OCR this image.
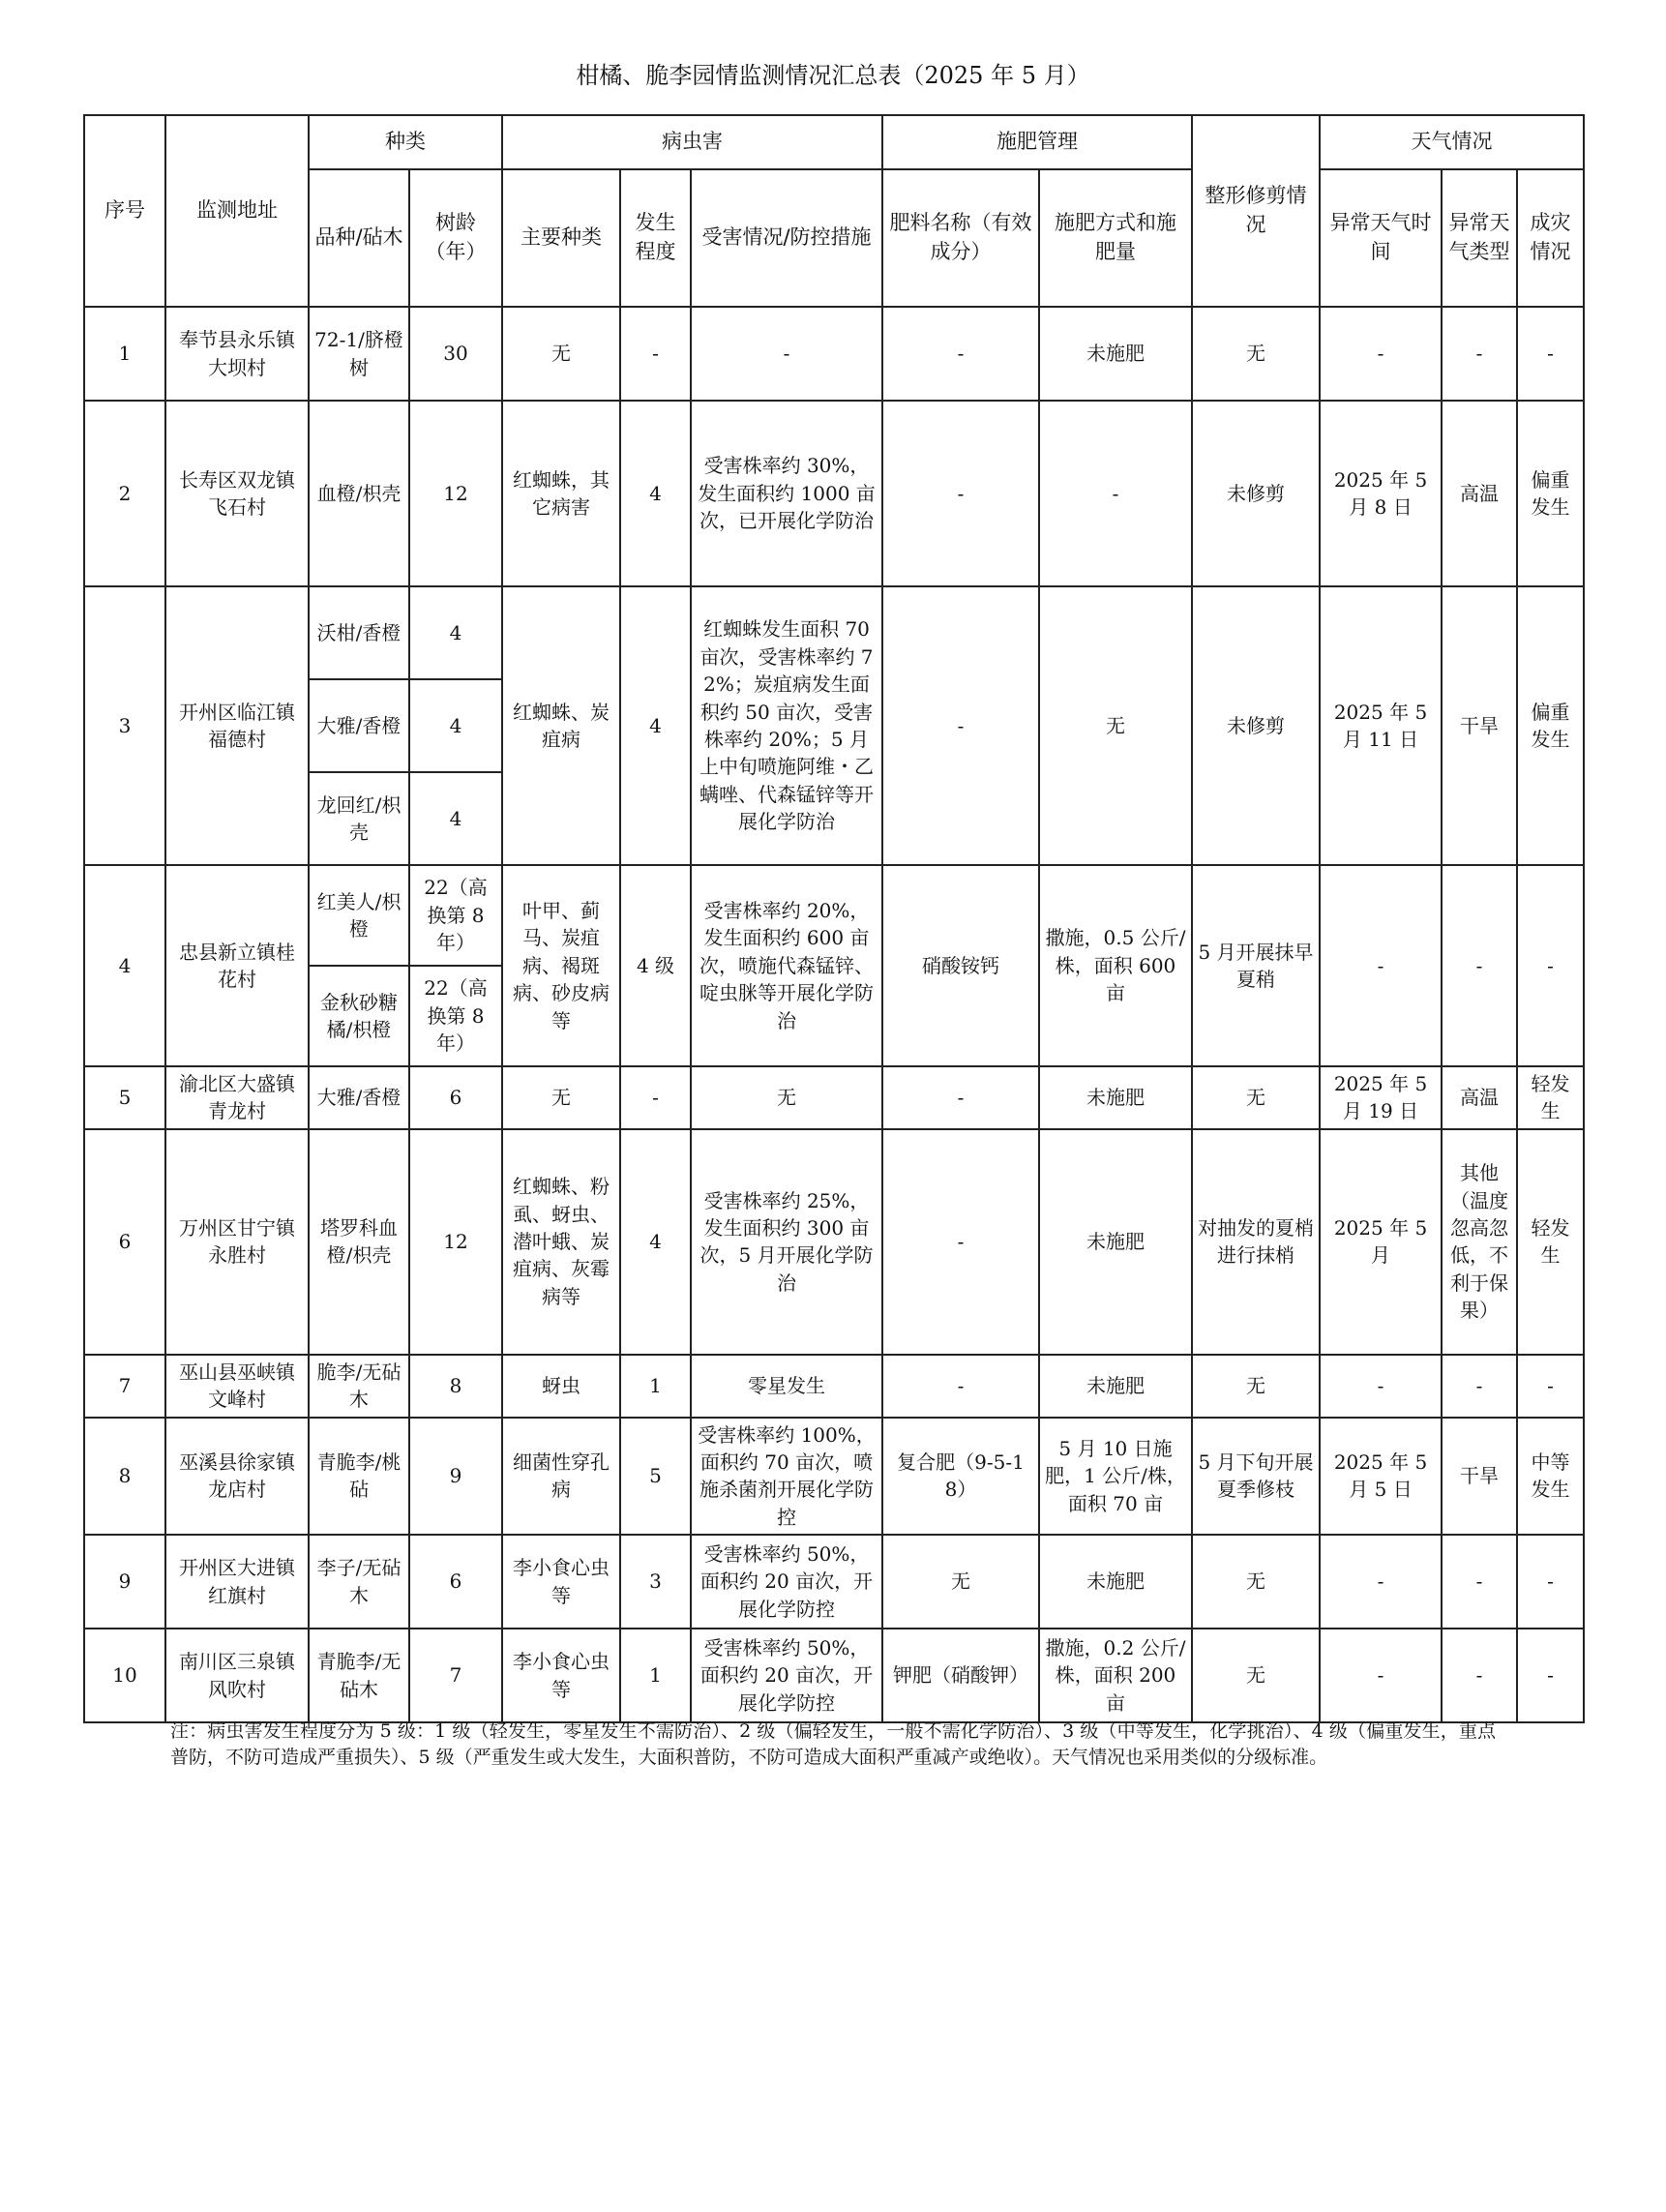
柑橘、脆李园情监测情况汇总表（2025 年 5 月）
序号	监测地址	种类		病虫害			施肥管理		整形修剪情况	天气情况		
		品种/砧木	树龄（年）	主要种类	发生程度	受害情况/防控措施	肥料名称（有效成分）	施肥方式和施肥量		异常天气时间	异常天气类型	成灾情况
1	奉节县永乐镇大坝村	72-1/脐橙树	30	无	-	-	-	未施肥	无	-	-	-
2	长寿区双龙镇飞石村	血橙/枳壳	12	红蜘蛛，其它病害	4	受害株率约 30%，发生面积约 1000 亩次，已开展化学防治	-	-	未修剪	2025 年 5 月 8 日	高温	偏重发生
3	开州区临江镇福德村	沃柑/香橙	4	红蜘蛛、炭疽病	4	红蜘蛛发生面积 70 亩次，受害株率约 72%；炭疽病发生面积约 50 亩次，受害株率约 20%；5 月上中旬喷施阿维・乙螨唑、代森锰锌等开展化学防治	-	无	未修剪	2025 年 5 月 11 日	干旱	偏重发生
		大雅/香橙	4									
		龙回红/枳壳	4									
4	忠县新立镇桂花村	红美人/枳橙	22（高换第 8 年）	叶甲、蓟马、炭疽病、褐斑病、砂皮病等	4 级	受害株率约 20%，发生面积约 600 亩次，喷施代森锰锌、啶虫脒等开展化学防治	硝酸铵钙	撒施，0.5 公斤/株，面积 600 亩	5 月开展抹早夏稍	-	-	-
		金秋砂糖橘/枳橙	22（高换第 8 年）									
5	渝北区大盛镇青龙村	大雅/香橙	6	无	-	无	-	未施肥	无	2025 年 5 月 19 日	高温	轻发生
6	万州区甘宁镇永胜村	塔罗科血橙/枳壳	12	红蜘蛛、粉虱、蚜虫、潜叶蛾、炭疽病、灰霉病等	4	受害株率约 25%，发生面积约 300 亩次，5 月开展化学防治	-	未施肥	对抽发的夏梢进行抹梢	2025 年 5 月	其他（温度忽高忽低，不利于保果）	轻发生
7	巫山县巫峡镇文峰村	脆李/无砧木	8	蚜虫	1	零星发生	-	未施肥	无	-	-	-
8	巫溪县徐家镇龙店村	青脆李/桃砧	9	细菌性穿孔病	5	受害株率约 100%，面积约 70 亩次，喷施杀菌剂开展化学防控	复合肥（9-5-18）	5 月 10 日施肥，1 公斤/株，面积 70 亩	5 月下旬开展夏季修枝	2025 年 5 月 5 日	干旱	中等发生
9	开州区大进镇红旗村	李子/无砧木	6	李小食心虫等	3	受害株率约 50%，面积约 20 亩次，开展化学防控	无	未施肥	无	-	-	-
10	南川区三泉镇风吹村	青脆李/无砧木	7	李小食心虫等	1	受害株率约 50%，面积约 20 亩次，开展化学防控	钾肥（硝酸钾）	撒施，0.2 公斤/株，面积 200 亩	无	-	-	-
注：病虫害发生程度分为 5 级：1 级（轻发生，零星发生不需防治）、2 级（偏轻发生，一般不需化学防治）、3 级（中等发生，化学挑治）、4 级（偏重发生，重点普防，不防可造成严重损失）、5 级（严重发生或大发生，大面积普防，不防可造成大面积严重减产或绝收）。天气情况也采用类似的分级标准。
